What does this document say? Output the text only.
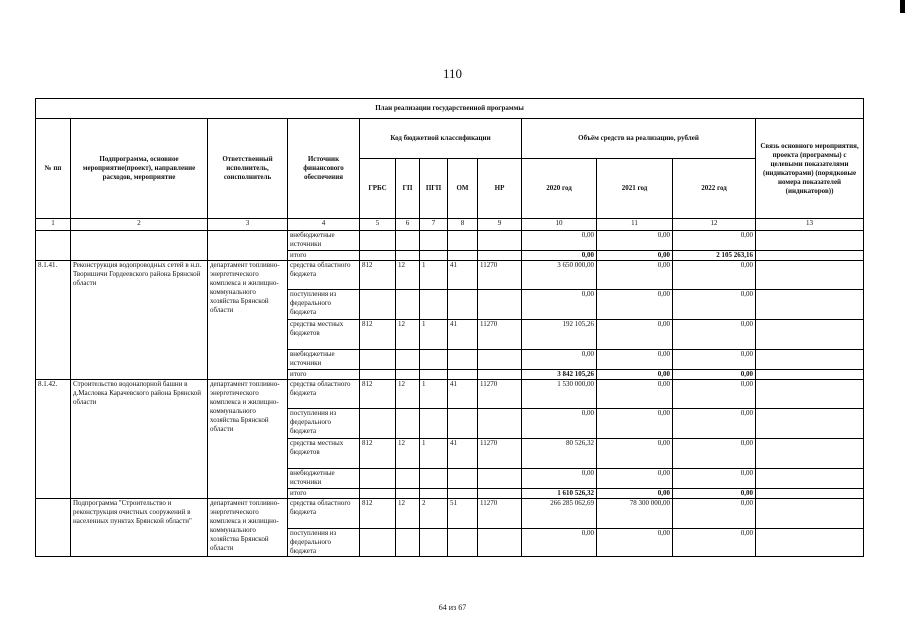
110
План реализации государственной программы												
№ пп	Подпрограмма, основное мероприятие(проект), направление расходов, мероприятие	Ответственный исполнитель, соисполнитель	Источник финансового обеспечения	Код бюджетной классификации					Объём средств на реализацию, рублей			Связь основного мероприятия, проекта (программы) с целевыми показателями (индикаторами) (порядковые номера показателей (индикаторов))
				ГРБС	ГП	ПГП	ОМ	НР	2020 год	2021 год	2022 год	
1	2	3	4	5	6	7	8	9	10	11	12	13
			внебюджетные источники						0,00	0,00	0,00	
			итого						0,00	0,00	2 105 263,16	
8.1.41.	Реконструкция водопроводных сетей в н.п. Творишичи Гордеевского района Брянской области	департамент топливно-энергетического комплекса и жилищно-коммунального хозяйства Брянской области	средства областного бюджета	812	12	1	41	11270	3 650 000,00	0,00	0,00	
			поступления из федерального бюджета						0,00	0,00	0,00	
			средства местных бюджетов	812	12	1	41	11270	192 105,26	0,00	0,00	
			внебюджетные источники						0,00	0,00	0,00	
			итого						3 842 105,26	0,00	0,00	
8.1.42.	Строительство водонапорной башни в д.Масловка Карачевского района Брянской области	департамент топливно-энергетического комплекса и жилищно-коммунального хозяйства Брянской области	средства областного бюджета	812	12	1	41	11270	1 530 000,00	0,00	0,00	
			поступления из федерального бюджета						0,00	0,00	0,00	
			средства местных бюджетов	812	12	1	41	11270	80 526,32	0,00	0,00	
			внебюджетные источники						0,00	0,00	0,00	
			итого						1 610 526,32	0,00	0,00	
	Подпрограмма "Строительство и реконструкция очистных сооружений в населенных пунктах Брянской области"	департамент топливно-энергетического комплекса и жилищно-коммунального хозяйства Брянской области	средства областного бюджета	812	12	2	51	11270	266 285 062,69	78 300 000,00	0,00	
			поступления из федерального бюджета						0,00	0,00	0,00	
64 из 67
